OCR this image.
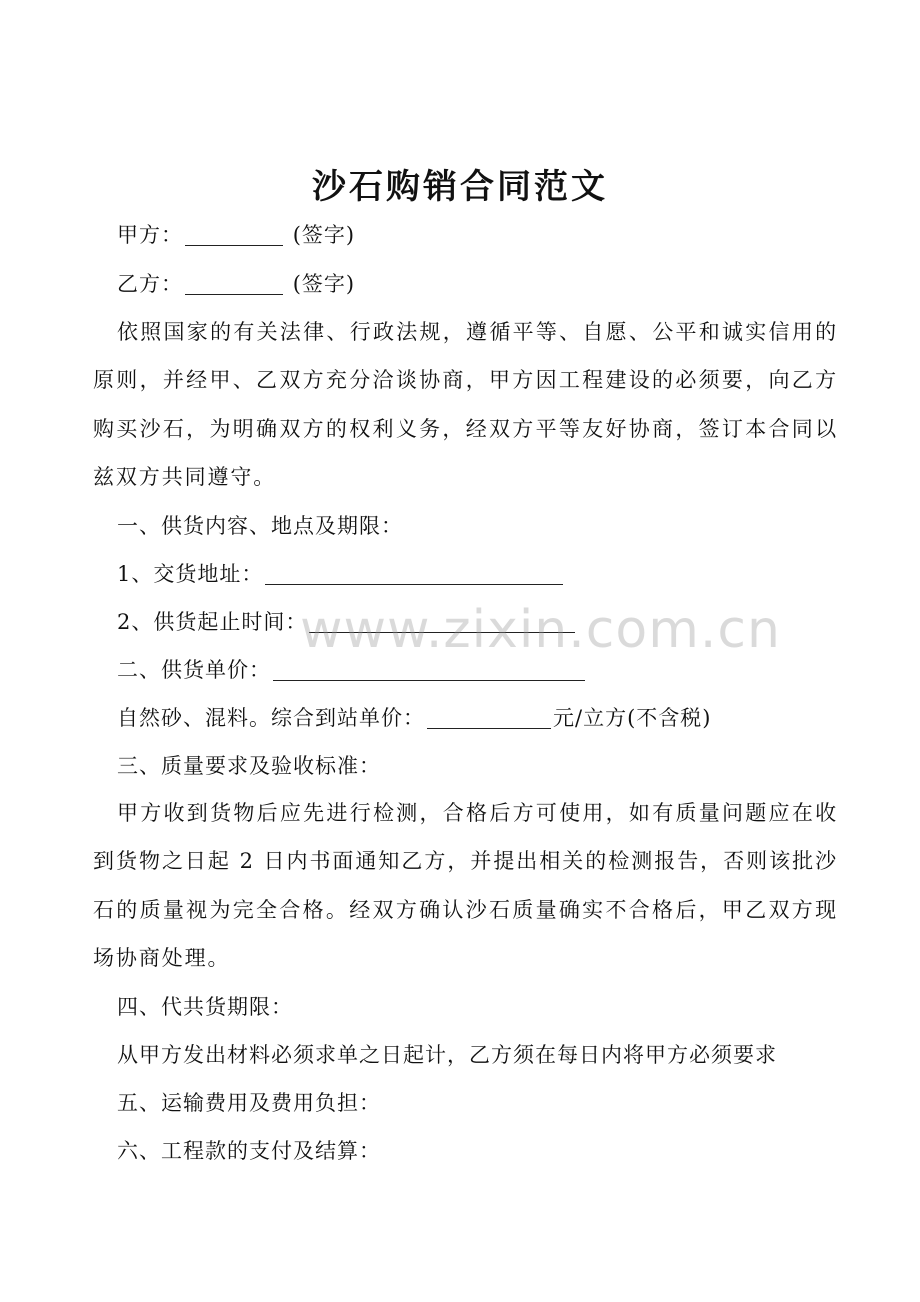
沙石购销合同范文
甲方：	(签字)
乙方：	(签字)
依照国家的有关法律、行政法规，遵循平等、自愿、公平和诚实信用的原则，并经甲、乙双方充分洽谈协商，甲方因工程建设的必须要，向乙方购买沙石，为明确双方的权利义务，经双方平等友好协商，签订本合同以兹双方共同遵守。
一、供货内容、地点及期限：
1、交货地址：
2、供货起止时间：
二、供货单价：
自然砂、混料。综合到站单价：	元/立方(不含税)
三、质量要求及验收标准：
甲方收到货物后应先进行检测，合格后方可使用，如有质量问题应在收到货物之日起 2 日内书面通知乙方，并提出相关的检测报告，否则该批沙石的质量视为完全合格。经双方确认沙石质量确实不合格后，甲乙双方现场协商处理。
四、代共货期限：
从甲方发出材料必须求单之日起计，乙方须在每日内将甲方必须要求
五、运输费用及费用负担：
六、工程款的支付及结算：
www.zixin.com.cn
